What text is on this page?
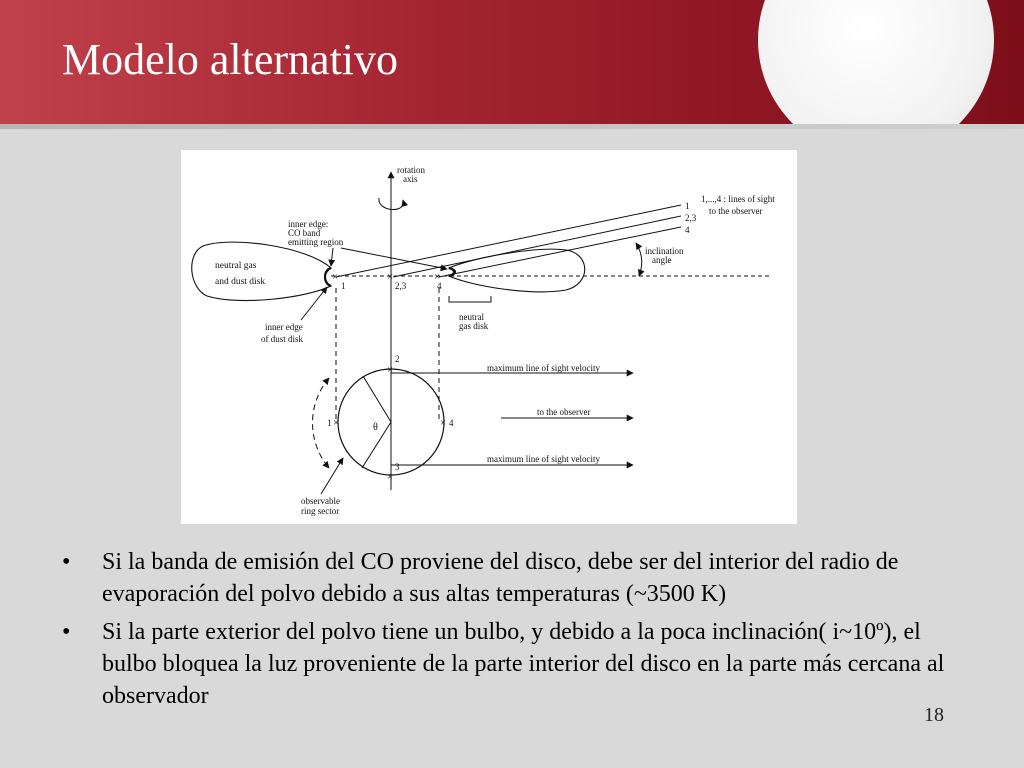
Modelo alternativo
rotation
axis
neutral gas
and dust disk
1
2,3
4
1,...,4 : lines of sight
to the observer
inclination
angle
inner edge:
CO band
emitting region
×	×	×
1	2,3	4
neutral
gas disk
inner edge
of dust disk
×
×
×	×
2
1	4
3
θ
maximum line of sight velocity
to the observer
maximum line of sight velocity
observable
ring sector
• Si la banda de emisión del CO proviene del disco, debe ser del interior del radio de evaporación del polvo debido a sus altas temperaturas (~3500 K)
• Si la parte exterior del polvo tiene un bulbo, y debido a la poca inclinación( i~10º), el bulbo bloquea la luz proveniente de la parte interior del disco en la parte más cercana al observador
18
